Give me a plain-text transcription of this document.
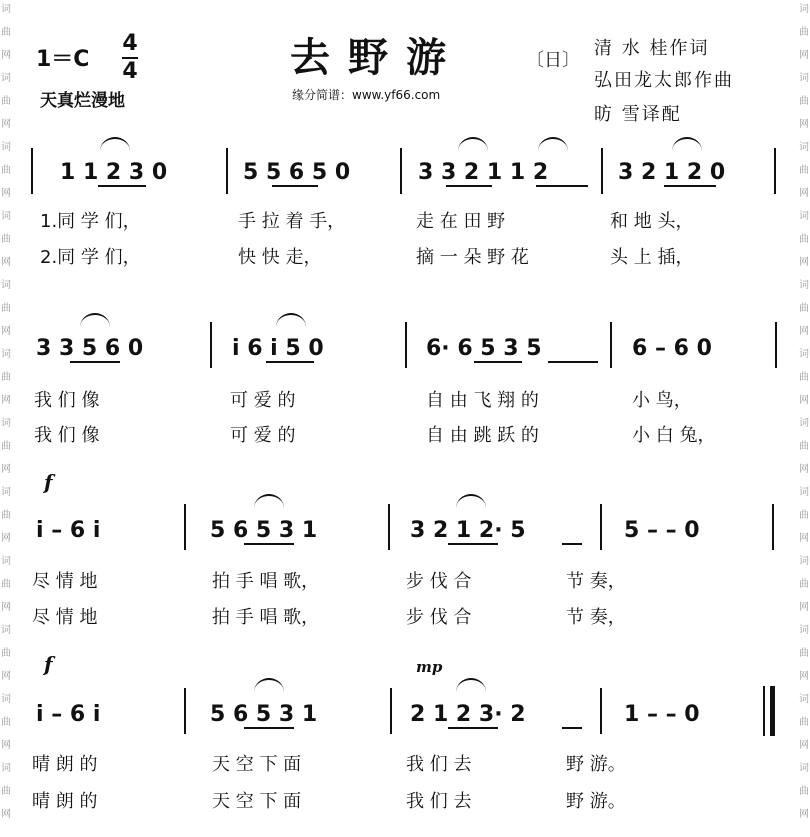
词
曲
网
词
曲
网
词
曲
网
词
曲
网
词
曲
网
词
曲
网
词
曲
网
词
曲
网
词
曲
网
词
曲
网
词
曲
网
词
曲
网
词
曲
网
词
曲
网
词
曲
网
词
曲
网
词
曲
网
词
曲
网
词
曲
网
词
曲
网
词
曲
网
词
曲
网
词
曲
网
词
曲
网
1＝C
4
4
天真烂漫地	缘分简谱：www.yf66.com
去野游	〔日〕
清 水 桂作词
弘田龙太郎作曲
昉 雪译配
1 1 2 3 0	5 5 6 5 0	3 3 2 1 1 2	3 2 1 2 0
1.同 学 们，	手 拉 着 手，	走 在 田 野	和 地 头，
2.同 学 们，	快 快 走，	摘 一 朵 野 花	头 上 插，
3 3 5 6 0	i 6 i 5 0	6· 6 5 3 5	6 – 6 0
我 们 像	可 爱 的	自 由 飞 翔 的	小 鸟，
我 们 像	可 爱 的	自 由 跳 跃 的	小 白 兔，
f
i – 6 i	5 6 5 3 1	3 2 1 2· 5	5 – – 0
尽 情 地	拍 手 唱 歌，	步 伐 合	节 奏，
尽 情 地	拍 手 唱 歌，	步 伐 合	节 奏，
f	mp
i – 6 i	5 6 5 3 1	2 1 2 3· 2	1 – – 0
晴 朗 的	天 空 下 面	我 们 去	野 游。
晴 朗 的	天 空 下 面	我 们 去	野 游。
